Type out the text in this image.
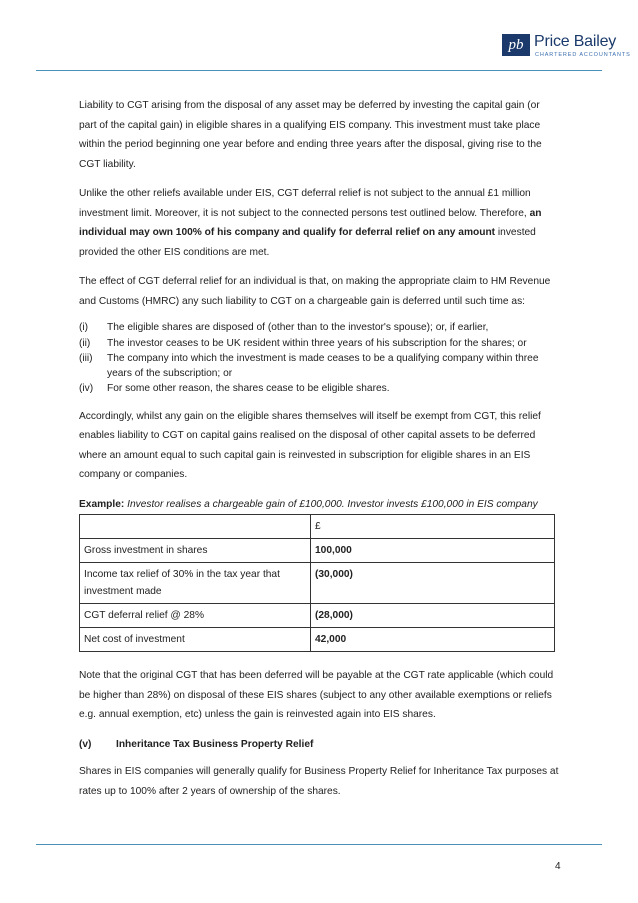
pb Price Bailey
CHARTERED ACCOUNTANTS

Liability to CGT arising from the disposal of any asset may be deferred by investing the capital gain (or part of the capital gain) in eligible shares in a qualifying EIS company. This investment must take place within the period beginning one year before and ending three years after the disposal, giving rise to the CGT liability.

Unlike the other reliefs available under EIS, CGT deferral relief is not subject to the annual £1 million investment limit. Moreover, it is not subject to the connected persons test outlined below. Therefore, an individual may own 100% of his company and qualify for deferral relief on any amount invested provided the other EIS conditions are met.

The effect of CGT deferral relief for an individual is that, on making the appropriate claim to HM Revenue and Customs (HMRC) any such liability to CGT on a chargeable gain is deferred until such time as:

(i)	The eligible shares are disposed of (other than to the investor's spouse); or, if earlier,
(ii)	The investor ceases to be UK resident within three years of his subscription for the shares; or
(iii)	The company into which the investment is made ceases to be a qualifying company within three years of the subscription; or
(iv)	For some other reason, the shares cease to be eligible shares.

Accordingly, whilst any gain on the eligible shares themselves will itself be exempt from CGT, this relief enables liability to CGT on capital gains realised on the disposal of other capital assets to be deferred where an amount equal to such capital gain is reinvested in subscription for eligible shares in an EIS company or companies.

Example: Investor realises a chargeable gain of £100,000. Investor invests £100,000 in EIS company

	£
Gross investment in shares	100,000
Income tax relief of 30% in the tax year that investment made	(30,000)
CGT deferral relief @ 28%	(28,000)
Net cost of investment	42,000

Note that the original CGT that has been deferred will be payable at the CGT rate applicable (which could be higher than 28%) on disposal of these EIS shares (subject to any other available exemptions or reliefs e.g. annual exemption, etc) unless the gain is reinvested again into EIS shares.

(v)	Inheritance Tax Business Property Relief

Shares in EIS companies will generally qualify for Business Property Relief for Inheritance Tax purposes at rates up to 100% after 2 years of ownership of the shares.

4
